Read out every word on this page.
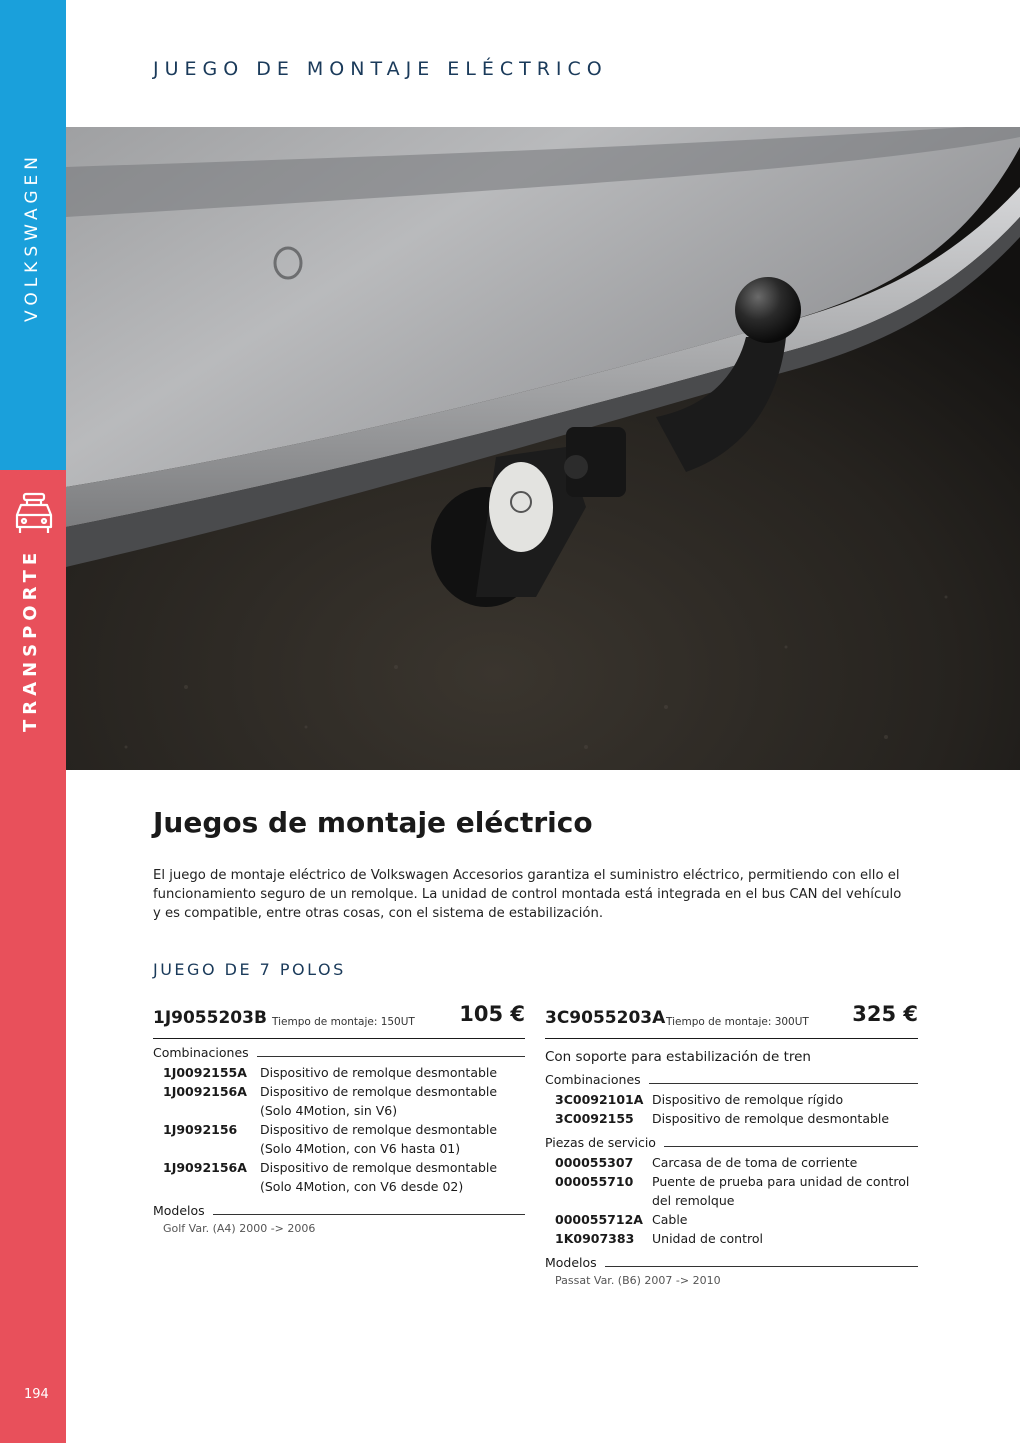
VOLKSWAGEN
TRANSPORTE
194
JUEGO DE MONTAJE ELÉCTRICO
Juegos de montaje eléctrico
El juego de montaje eléctrico de Volkswagen Accesorios garantiza el suministro eléctrico, permitiendo con ello el funcionamiento seguro de un remolque. La unidad de control montada está integrada en el bus CAN del vehículo y es compatible, entre otras cosas, con el sistema de estabilización.
JUEGO DE 7 POLOS
1J9055203B Tiempo de montaje: 150UT 105 €
Combinaciones
1J0092155A	Dispositivo de remolque desmontable
1J0092156A	Dispositivo de remolque desmontable (Solo 4Motion, sin V6)
1J9092156	Dispositivo de remolque desmontable (Solo 4Motion, con V6 hasta 01)
1J9092156A	Dispositivo de remolque desmontable (Solo 4Motion, con V6 desde 02)
Modelos
Golf Var. (A4) 2000 -> 2006
3C9055203A Tiempo de montaje: 300UT 325 €
Con soporte para estabilización de tren
Combinaciones
3C0092101A Dispositivo de remolque rígido
3C0092155	Dispositivo de remolque desmontable
Piezas de servicio
000055307	Carcasa de de toma de corriente
000055710	Puente de prueba para unidad de control del remolque
000055712A Cable
1K0907383	Unidad de control
Modelos
Passat Var. (B6) 2007 -> 2010
